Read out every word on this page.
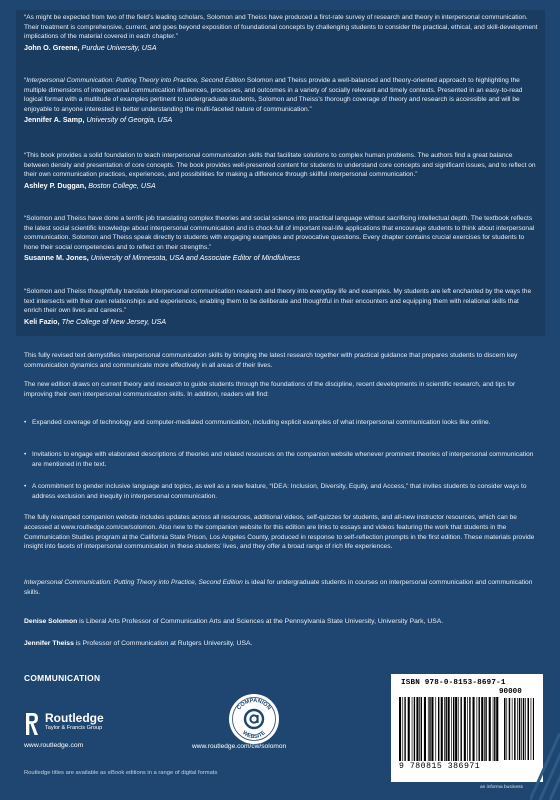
“As might be expected from two of the field’s leading scholars, Solomon and Theiss have produced a first-rate survey of research and theory in interpersonal communication. Their treatment is comprehensive, current, and goes beyond exposition of foundational concepts by challenging students to consider the practical, ethical, and skill-development implications of the material covered in each chapter.”

John O. Greene, Purdue University, USA

“Interpersonal Communication: Putting Theory into Practice, Second Edition Solomon and Theiss provide a well-balanced and theory-oriented approach to highlighting the multiple dimensions of interpersonal communication influences, processes, and outcomes in a variety of socially relevant and timely contexts. Presented in an easy-to-read logical format with a multitude of examples pertinent to undergraduate students, Solomon and Theiss’s thorough coverage of theory and research is accessible and will be enjoyable to anyone interested in better understanding the multi-faceted nature of communication.”

Jennifer A. Samp, University of Georgia, USA

“This book provides a solid foundation to teach interpersonal communication skills that facilitate solutions to complex human problems. The authors find a great balance between density and presentation of core concepts. The book provides well-presented content for students to understand core concepts and significant issues, and to reflect on their own communication practices, experiences, and possibilities for making a difference through skillful interpersonal communication.”

Ashley P. Duggan, Boston College, USA

“Solomon and Theiss have done a terrific job translating complex theories and social science into practical language without sacrificing intellectual depth. The textbook reflects the latest social scientific knowledge about interpersonal communication and is chock-full of important real-life applications that encourage students to think about interpersonal communication. Solomon and Theiss speak directly to students with engaging examples and provocative questions. Every chapter contains crucial exercises for students to hone their social competencies and to reflect on their strengths.”

Susanne M. Jones, University of Minnesota, USA and Associate Editor of Mindfulness

“Solomon and Theiss thoughtfully translate interpersonal communication research and theory into everyday life and examples. My students are left enchanted by the ways the text intersects with their own relationships and experiences, enabling them to be deliberate and thoughtful in their encounters and equipping them with relational skills that enrich their own lives and careers.”

Keli Fazio, The College of New Jersey, USA

This fully revised text demystifies interpersonal communication skills by bringing the latest research together with practical guidance that prepares students to discern key communication dynamics and communicate more effectively in all areas of their lives.

The new edition draws on current theory and research to guide students through the foundations of the discipline, recent developments in scientific research, and tips for improving their own interpersonal communication skills. In addition, readers will find:

• Expanded coverage of technology and computer-mediated communication, including explicit examples of what interpersonal communication looks like online.

• Invitations to engage with elaborated descriptions of theories and related resources on the companion website whenever prominent theories of interpersonal communication are mentioned in the text.

• A commitment to gender inclusive language and topics, as well as a new feature, “IDEA: Inclusion, Diversity, Equity, and Access,” that invites students to consider ways to address exclusion and inequity in interpersonal communication.

The fully revamped companion website includes updates across all resources, additional videos, self-quizzes for students, and all-new instructor resources, which can be accessed at www.routledge.com/cw/solomon. Also new to the companion website for this edition are links to essays and videos featuring the work that students in the Communication Studies program at the California State Prison, Los Angeles County, produced in response to self-reflection prompts in the first edition. These materials provide insight into facets of interpersonal communication in these students’ lives, and they offer a broad range of rich life experiences.

Interpersonal Communication: Putting Theory into Practice, Second Edition is ideal for undergraduate students in courses on interpersonal communication and communication skills.

Denise Solomon is Liberal Arts Professor of Communication Arts and Sciences at the Pennsylvania State University, University Park, USA.

Jennifer Theiss is Professor of Communication at Rutgers University, USA.

COMMUNICATION
Routledge
Taylor & Francis Group
www.routledge.com
COMPANION
WEBSITE
www.routledge.com/cw/solomon
ISBN 978-0-8153-8697-1
90000
9 780815 386971
an informa business
Routledge titles are available as eBook editions in a range of digital formats
